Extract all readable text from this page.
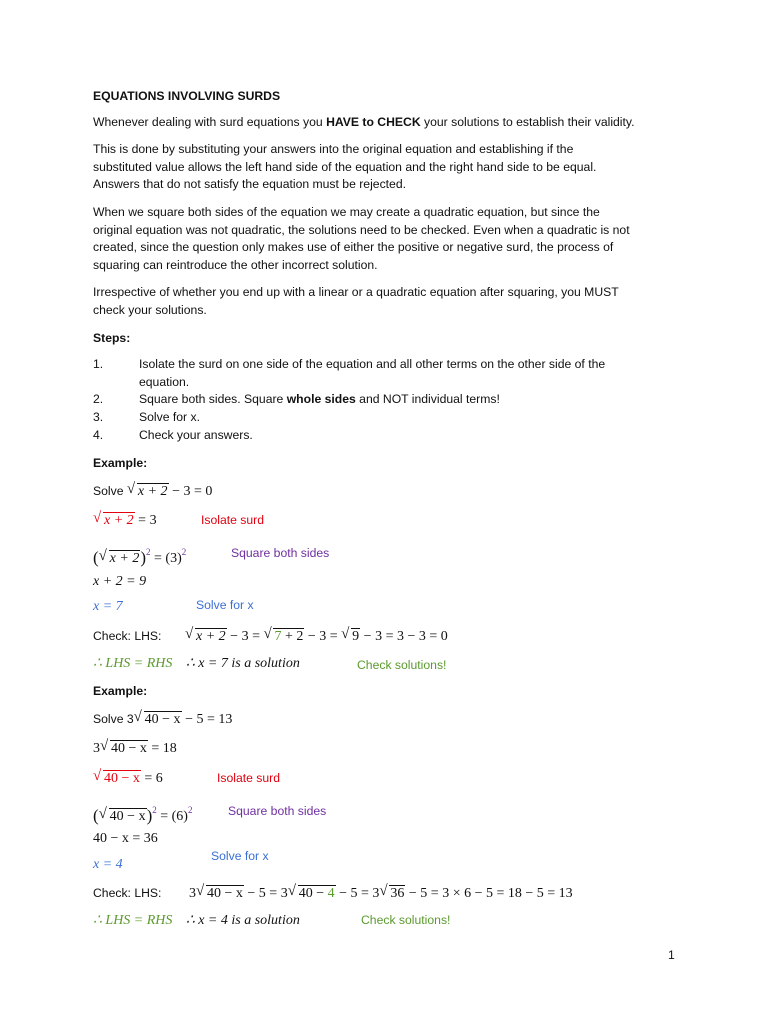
EQUATIONS INVOLVING SURDS
Whenever dealing with surd equations you HAVE to CHECK your solutions to establish their validity.
This is done by substituting your answers into the original equation and establishing if the
substituted value allows the left hand side of the equation and the right hand side to be equal.
Answers that do not satisfy the equation must be rejected.
When we square both sides of the equation we may create a quadratic equation, but since the
original equation was not quadratic, the solutions need to be checked. Even when a quadratic is not
created, since the question only makes use of either the positive or negative surd, the process of
squaring can reintroduce the other incorrect solution.
Irrespective of whether you end up with a linear or a quadratic equation after squaring, you MUST
check your solutions.
Steps:
1.	Isolate the surd on one side of the equation and all other terms on the other side of the
equation.
2.	Square both sides. Square whole sides and NOT individual terms!
3.	Solve for x.
4.	Check your answers.
Example:
Solve √ x + 2 − 3 = 0
√ x + 2 = 3	Isolate surd
( √ $x + 2)^2 = (3)^2$	Square both sides
x + 2 = 9
x = 7	Solve for x
Check: LHS:	√ x + 2 − 3 = √ 7 + 2 − 3 = √ 9 − 3 = 3 − 3 = 0
∴ LHS = RHS ∴ x = 7 is a solution	Check solutions!
Example:
Solve 3 √ 40 − x − 5 = 13
3 √ 40 − x = 18
√ 40 − x = 6	Isolate surd
( √ $40 - x)^2 = (6)^2$	Square both sides
40 − x = 36
x = 4
Solve for x
Check: LHS: 3 √ 40 − x − 5 = 3 √ 40 − 4 − 5 = 3 √ 36 − 5 = 3 × 6 − 5 = 18 − 5 = 13
∴ LHS = RHS ∴ x = 4 is a solution	Check solutions!
1
